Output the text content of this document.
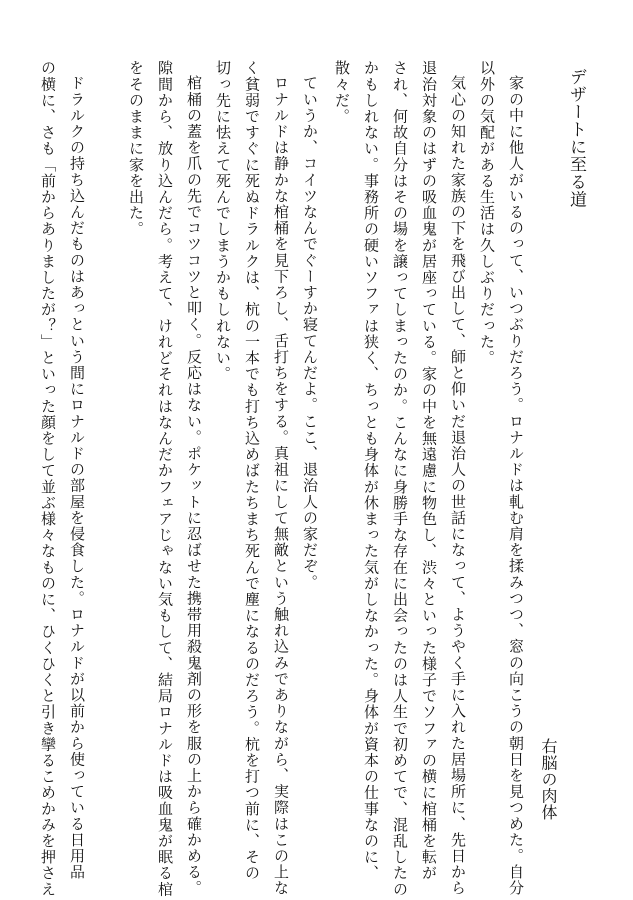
デザートに至る道
右脳の肉体
家の中に他人がいるのって、いつぶりだろう。ロナルドは軋む肩を揉みつつ、窓の向こうの朝日を見つめた。自分
以外の気配がある生活は久しぶりだった。
気心の知れた家族の下を飛び出して、師と仰いだ退治人の世話になって、ようやく手に入れた居場所に、先日から
退治対象のはずの吸血鬼が居座っている。家の中を無遠慮に物色し、渋々といった様子でソファの横に棺桶を転が
され、何故自分はその場を譲ってしまったのか。こんなに身勝手な存在に出会ったのは人生で初めてで、混乱したの
かもしれない。事務所の硬いソファは狭く、ちっとも身体が休まった気がしなかった。身体が資本の仕事なのに、
散々だ。
ていうか、コイツなんでぐーすか寝てんだよ。ここ、退治人の家だぞ。
ロナルドは静かな棺桶を見下ろし、舌打ちをする。真祖にして無敵という触れ込みでありながら、実際はこの上な
く貧弱ですぐに死ぬドラルクは、杭の一本でも打ち込めばたちまち死んで塵になるのだろう。杭を打つ前に、その
切っ先に怯えて死んでしまうかもしれない。
棺桶の蓋を爪の先でコツコツと叩く。反応はない。ポケットに忍ばせた携帯用殺鬼剤の形を服の上から確かめる。
隙間から、放り込んだら。考えて、けれどそれはなんだかフェアじゃない気もして、結局ロナルドは吸血鬼が眠る棺
をそのままに家を出た。
ドラルクの持ち込んだものはあっという間にロナルドの部屋を侵食した。ロナルドが以前から使っている日用品
の横に、さも「前からありましたが？」といった顔をして並ぶ様々なものに、ひくひくと引き攣るこめかみを押さえ
